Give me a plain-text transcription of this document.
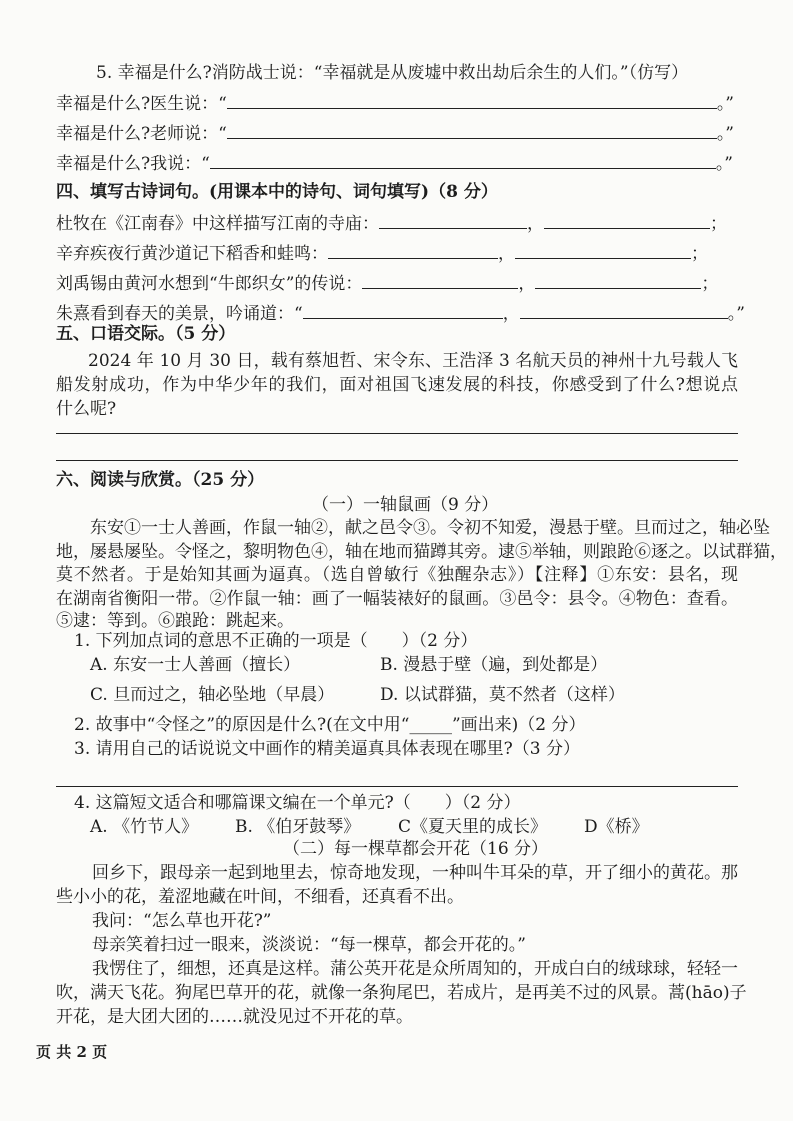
5. 幸福是什么?消防战士说：“幸福就是从废墟中救出劫后余生的人们。”（仿写）
幸福是什么?医生说：“	。”
幸福是什么?老师说：“	。”
幸福是什么?我说：“	。”
四、填写古诗词句。(用课本中的诗句、词句填写)（8 分）
杜牧在《江南春》中这样描写江南的寺庙：	，	；
辛弃疾夜行黄沙道记下稻香和蛙鸣：	，	；
刘禹锡由黄河水想到“牛郎织女”的传说：	，	；
朱熹看到春天的美景，吟诵道：“	，	。”
五、口语交际。（5 分）
2024 年 10 月 30 日，载有蔡旭哲、宋令东、王浩泽 3 名航天员的神州十九号载人飞
船发射成功，作为中华少年的我们，面对祖国飞速发展的科技，你感受到了什么?想说点
什么呢?
六、阅读与欣赏。（25 分）
（一）一轴鼠画（9 分）
东安①一士人善画，作鼠一轴②，献之邑令③。令初不知爱，漫悬于壁。旦而过之，轴必坠
地，屡悬屡坠。令怪之，黎明物色④，轴在地而猫蹲其旁。逮⑤举轴，则踉跄⑥逐之。以试群猫，
莫不然者。于是始知其画为逼真。（选自曾敏行《独醒杂志》）【注释】①东安：县名，现
在湖南省衡阳一带。②作鼠一轴：画了一幅装裱好的鼠画。③邑令：县令。④物色：查看。
⑤逮：等到。⑥踉跄：跳起来。
1. 下列加点词的意思不正确的一项是（　　）（2 分）
A. 东安一士人善画（擅长）	B. 漫悬于壁（遍，到处都是）
C. 旦而过之，轴必坠地（早晨）	D. 以试群猫，莫不然者（这样）
2. 故事中“令怪之”的原因是什么?(在文中用“_____”画出来)（2 分）
3. 请用自己的话说说文中画作的精美逼真具体表现在哪里?（3 分）
4. 这篇短文适合和哪篇课文编在一个单元?（　　）（2 分）
A. 《竹节人》 B. 《伯牙鼓琴》 C《夏天里的成长》 D《桥》
（二）每一棵草都会开花（16 分）
回乡下，跟母亲一起到地里去，惊奇地发现，一种叫牛耳朵的草，开了细小的黄花。那
些小小的花，羞涩地藏在叶间，不细看，还真看不出。
我问：“怎么草也开花?”
母亲笑着扫过一眼来，淡淡说：“每一棵草，都会开花的。”
我愣住了，细想，还真是这样。蒲公英开花是众所周知的，开成白白的绒球球，轻轻一
吹，满天飞花。狗尾巴草开的花，就像一条狗尾巴，若成片，是再美不过的风景。蒿(hāo)子
开花，是大团大团的……就没见过不开花的草。
页 共 2 页
